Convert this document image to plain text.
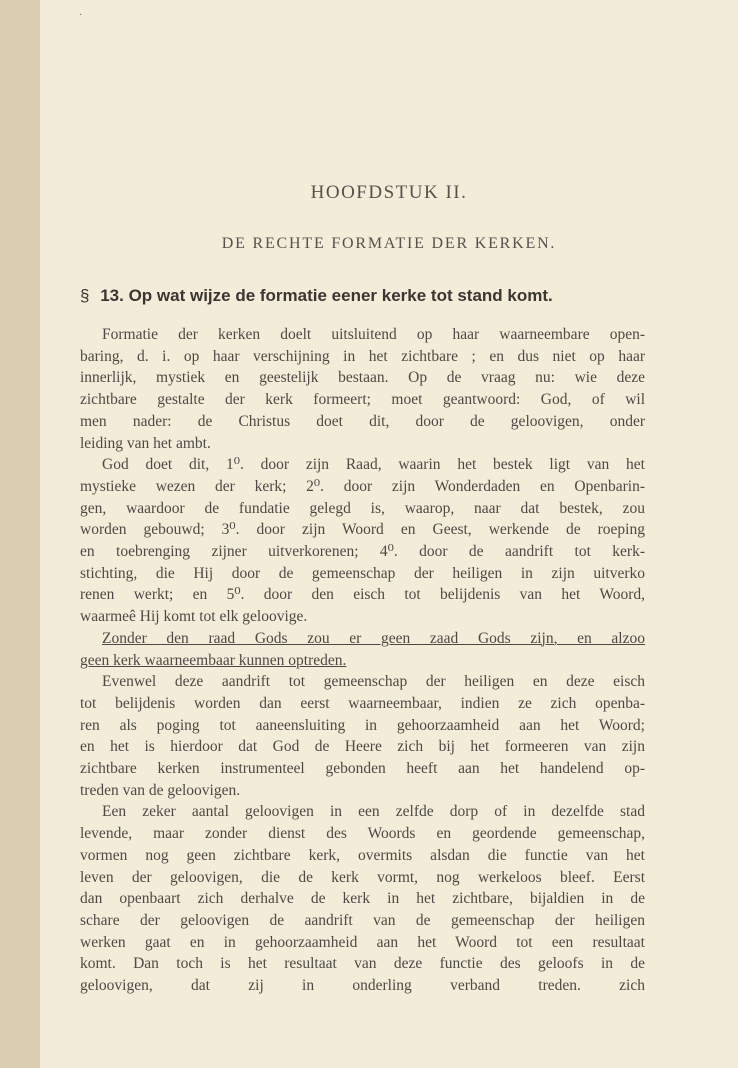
·
HOOFDSTUK II.
DE RECHTE FORMATIE DER KERKEN.
§ 13. Op wat wijze de formatie eener kerke tot stand komt.

Formatie der kerken doelt uitsluitend op haar waarneembare open-
baring, d. i. op haar verschijning in het zichtbare ; en dus niet op haar
innerlijk, mystiek en geestelijk bestaan. Op de vraag nu: wie deze
zichtbare gestalte der kerk formeert; moet geantwoord: God, of wil
men nader: de Christus doet dit, door de geloovigen, onder
leiding van het ambt.

God doet dit, 1⁰. door zijn Raad, waarin het bestek ligt van het
mystieke wezen der kerk; 2⁰. door zijn Wonderdaden en Openbarin-
gen, waardoor de fundatie gelegd is, waarop, naar dat bestek, zou
worden gebouwd; 3⁰. door zijn Woord en Geest, werkende de roeping
en toebrenging zijner uitverkorenen; 4⁰. door de aandrift tot kerk-
stichting, die Hij door de gemeenschap der heiligen in zijn uitverko
renen werkt; en 5⁰. door den eisch tot belijdenis van het Woord,
waarmeê Hij komt tot elk geloovige.

Zonder den raad Gods zou er geen zaad Gods zijn, en alzoo
geen kerk waarneembaar kunnen optreden.

Evenwel deze aandrift tot gemeenschap der heiligen en deze eisch
tot belijdenis worden dan eerst waarneembaar, indien ze zich openba-
ren als poging tot aaneensluiting in gehoorzaamheid aan het Woord;
en het is hierdoor dat God de Heere zich bij het formeeren van zijn
zichtbare kerken instrumenteel gebonden heeft aan het handelend op-
treden van de geloovigen.

Een zeker aantal geloovigen in een zelfde dorp of in dezelfde stad
levende, maar zonder dienst des Woords en geordende gemeenschap,
vormen nog geen zichtbare kerk, overmits alsdan die functie van het
leven der geloovigen, die de kerk vormt, nog werkeloos bleef. Eerst
dan openbaart zich derhalve de kerk in het zichtbare, bijaldien in de
schare der geloovigen de aandrift van de gemeenschap der heiligen
werken gaat en in gehoorzaamheid aan het Woord tot een resultaat
komt. Dan toch is het resultaat van deze functie des geloofs in de
geloovigen, dat zij in onderling verband treden. zich
